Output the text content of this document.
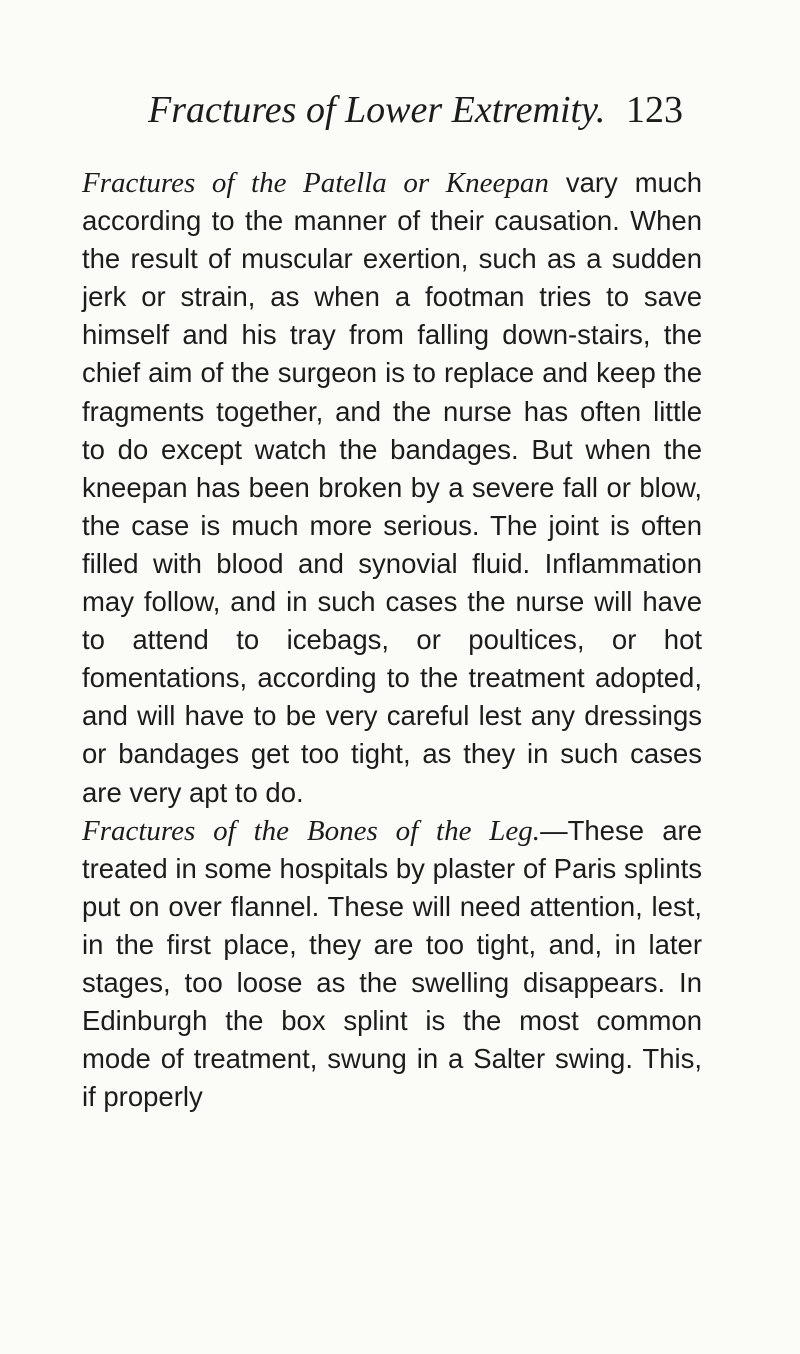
Fractures of Lower Extremity. 123

Fractures of the Patella or Kneepan vary much according to the manner of their causation. When the result of muscular exertion, such as a sudden jerk or strain, as when a footman tries to save himself and his tray from falling down-stairs, the chief aim of the surgeon is to replace and keep the fragments together, and the nurse has often little to do except watch the bandages. But when the kneepan has been broken by a severe fall or blow, the case is much more serious. The joint is often filled with blood and synovial fluid. Inflammation may follow, and in such cases the nurse will have to attend to icebags, or poultices, or hot fomentations, according to the treatment adopted, and will have to be very careful lest any dressings or bandages get too tight, as they in such cases are very apt to do.

Fractures of the Bones of the Leg.—These are treated in some hospitals by plaster of Paris splints put on over flannel. These will need attention, lest, in the first place, they are too tight, and, in later stages, too loose as the swelling disappears. In Edinburgh the box splint is the most common mode of treatment, swung in a Salter swing. This, if properly
